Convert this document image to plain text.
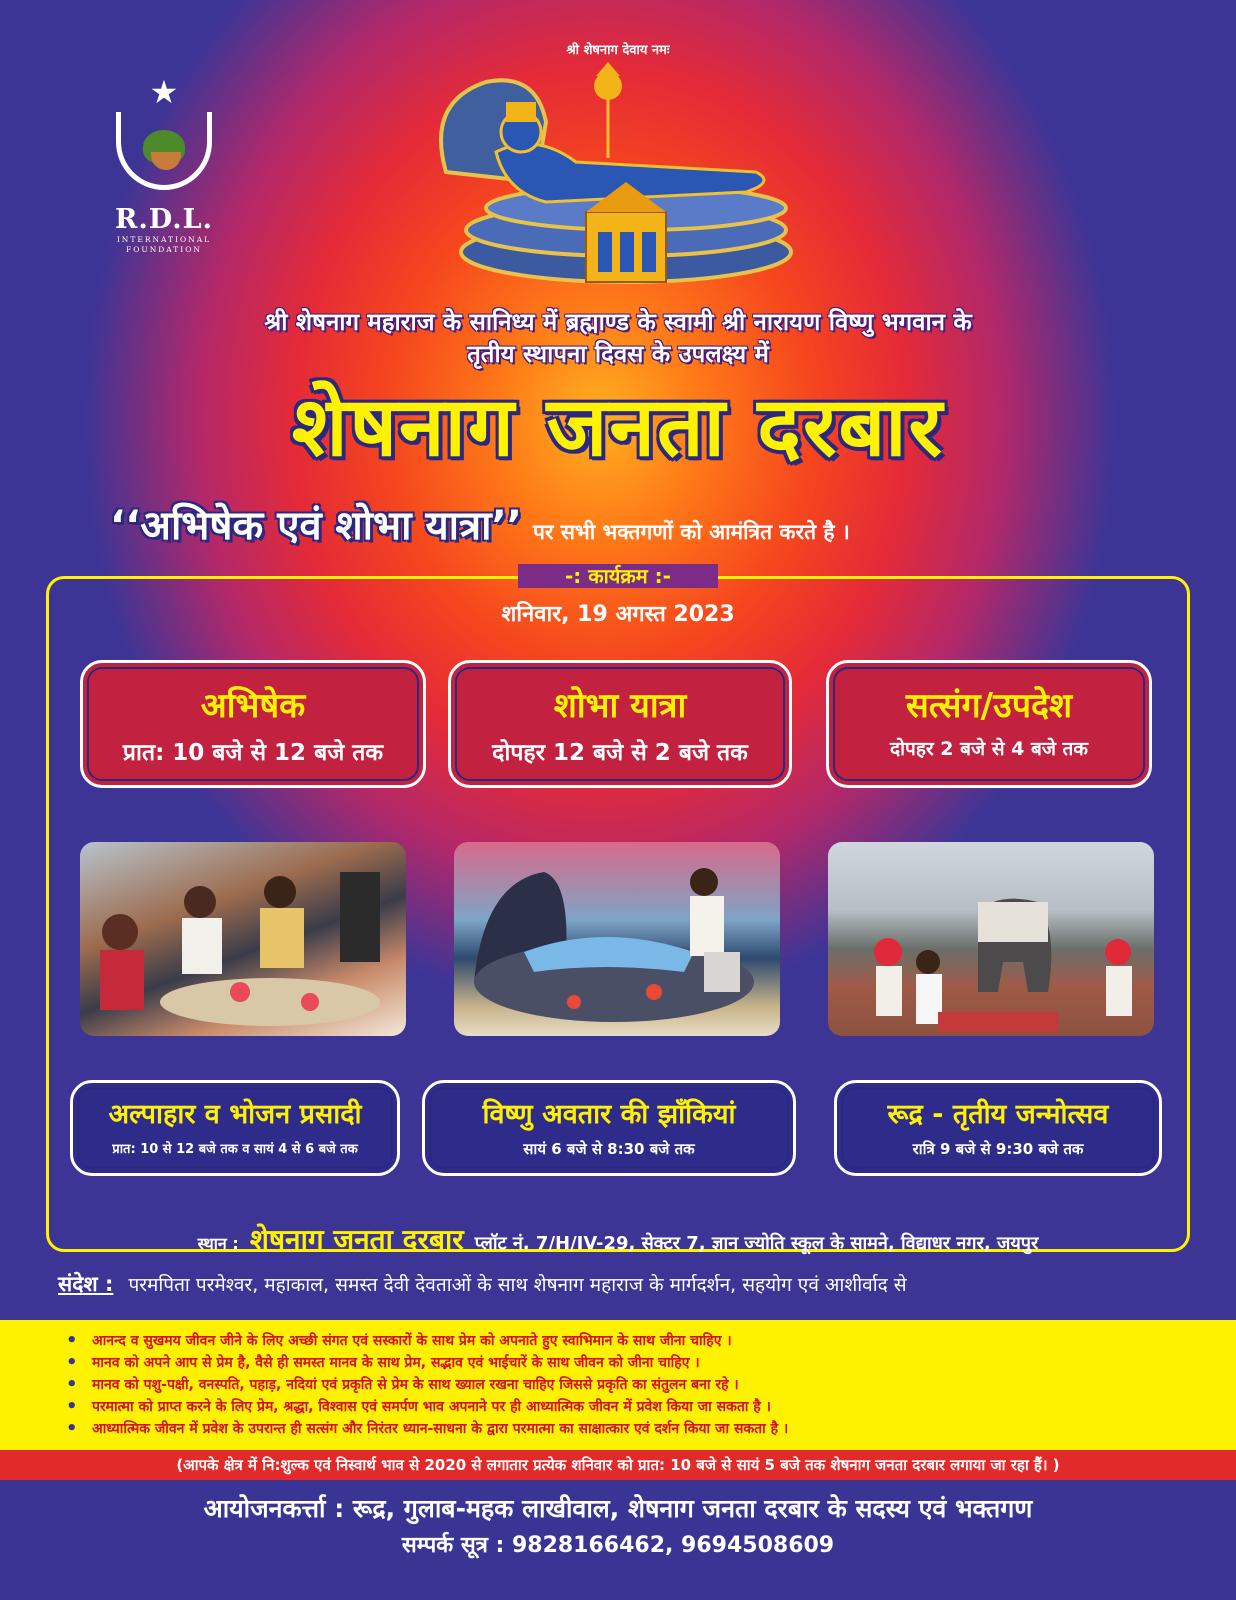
श्री शेषनाग देवाय नमः
★
R.D.L.
INTERNATIONAL
FOUNDATION
श्री शेषनाग महाराज के सानिध्य में ब्रह्माण्ड के स्वामी श्री नारायण विष्णु भगवान के
तृतीय स्थापना दिवस के उपलक्ष्य में
शेषनाग जनता दरबार
‘‘अभिषेक एवं शोभा यात्रा’’ पर सभी भक्तगणों को आमंत्रित करते है ।
-: कार्यक्रम :-
शनिवार, 19 अगस्त 2023
अभिषेक
प्रात: 10 बजे से 12 बजे तक
शोभा यात्रा
दोपहर 12 बजे से 2 बजे तक
सत्संग/उपदेश
दोपहर 2 बजे से 4 बजे तक
अल्पाहार व भोजन प्रसादी
प्रात: 10 से 12 बजे तक व सायं 4 से 6 बजे तक
विष्णु अवतार की झाँकियां
सायं 6 बजे से 8:30 बजे तक
रूद्र - तृतीय जन्मोत्सव
रात्रि 9 बजे से 9:30 बजे तक
स्थान : शेषनाग जनता दरबार प्लॉट नं. 7/H/IV-29, सेक्टर 7, ज्ञान ज्योति स्कूल के सामने, विद्याधर नगर, जयपुर
संदेश : परमपिता परमेश्वर, महाकाल, समस्त देवी देवताओं के साथ शेषनाग महाराज के मार्गदर्शन, सहयोग एवं आशीर्वाद से
• आनन्द व सुखमय जीवन जीने के लिए अच्छी संगत एवं सस्कारों के साथ प्रेम को अपनाते हुए स्वाभिमान के साथ जीना चाहिए ।
• मानव को अपने आप से प्रेम है, वैसे ही समस्त मानव के साथ प्रेम, सद्भाव एवं भाईचारें के साथ जीवन को जीना चाहिए ।
• मानव को पशु-पक्षी, वनस्पति, पहाड़, नदियां एवं प्रकृति से प्रेम के साथ ख्याल रखना चाहिए जिससे प्रकृति का संतुलन बना रहे ।
• परमात्मा को प्राप्त करने के लिए प्रेम, श्रद्धा, विश्वास एवं समर्पण भाव अपनाने पर ही आध्यात्मिक जीवन में प्रवेश किया जा सकता है ।
• आध्यात्मिक जीवन में प्रवेश के उपरान्त ही सत्संग और निरंतर ध्यान-साधना के द्वारा परमात्मा का साक्षात्कार एवं दर्शन किया जा सकता है ।
(आपके क्षेत्र में नि:शुल्क एवं निस्वार्थ भाव से 2020 से लगातार प्रत्येक शनिवार को प्रात: 10 बजे से सायं 5 बजे तक शेषनाग जनता दरबार लगाया जा रहा हैं। )
आयोजनकर्त्ता : रूद्र, गुलाब-महक लाखीवाल, शेषनाग जनता दरबार के सदस्य एवं भक्तगण
सम्पर्क सूत्र : 9828166462, 9694508609
